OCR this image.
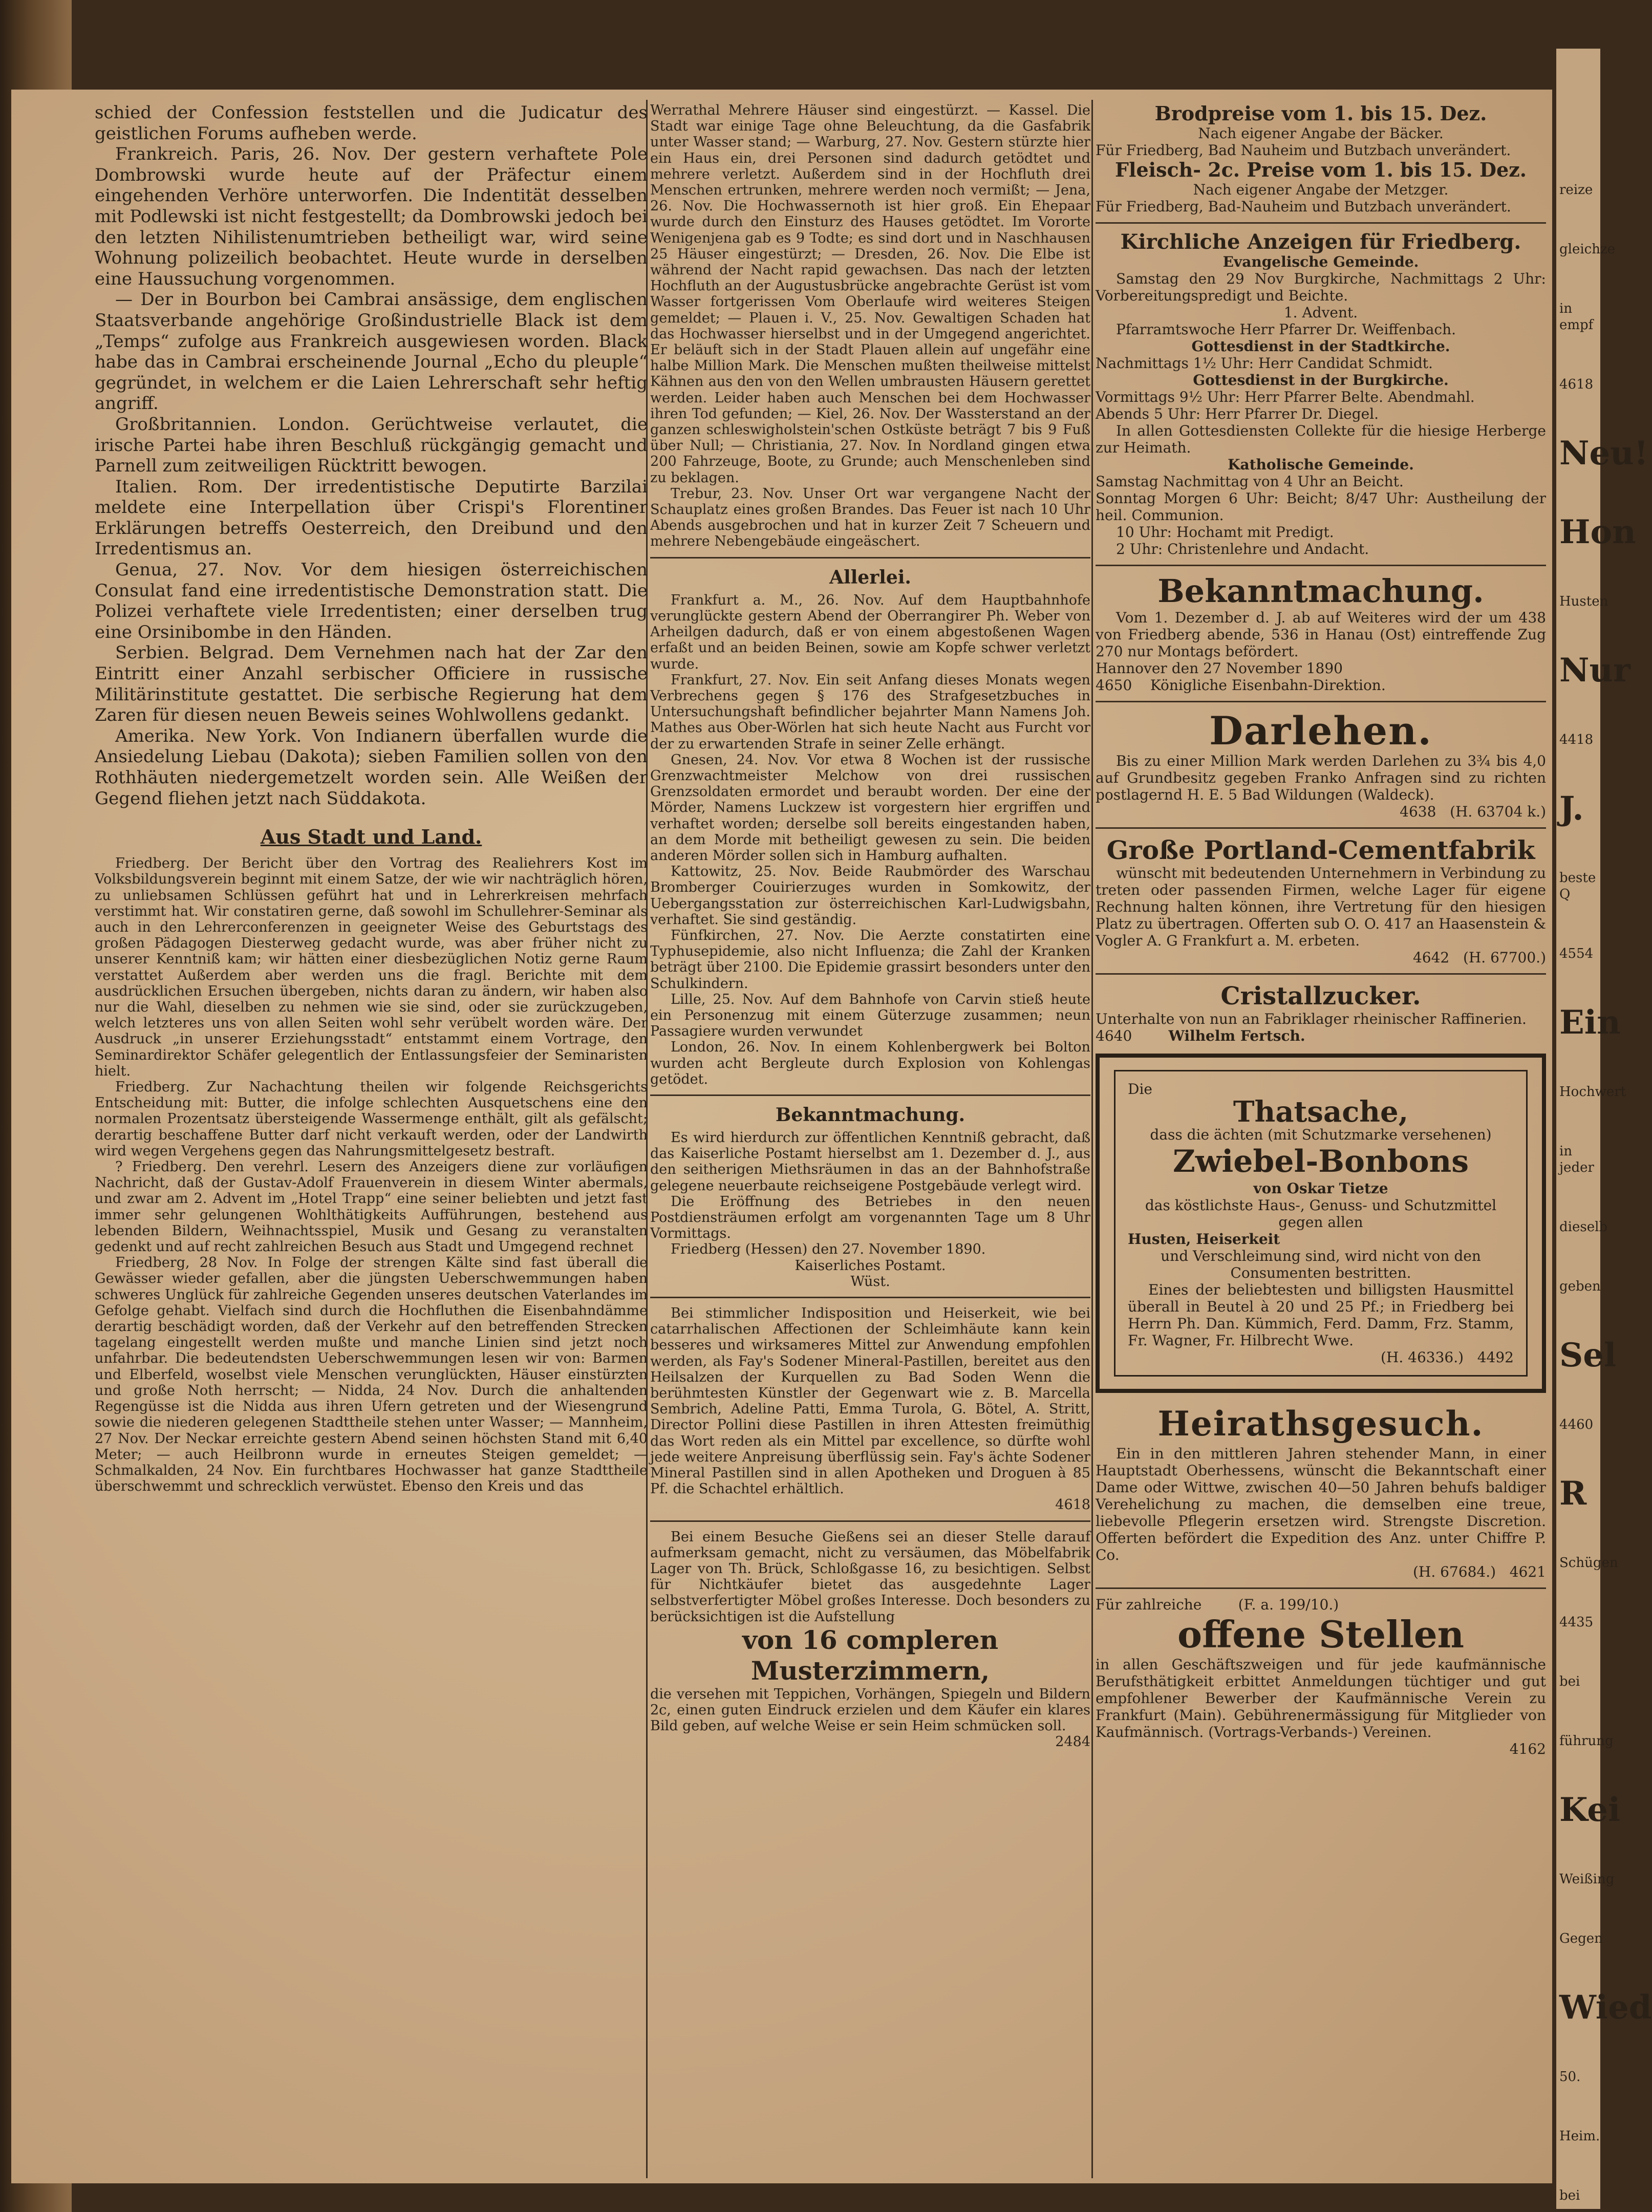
schied der Confession feststellen und die Judicatur des geistlichen Forums aufheben werde.

Frankreich. Paris, 26. Nov. Der gestern verhaftete Pole Dombrowski wurde heute auf der Präfectur einem eingehenden Verhöre unterworfen. Die Indentität desselben mit Podlewski ist nicht festgestellt; da Dombrowski jedoch bei den letzten Nihilistenumtrieben betheiligt war, wird seine Wohnung polizeilich beobachtet. Heute wurde in derselben eine Haussuchung vorgenommen.

— Der in Bourbon bei Cambrai ansässige, dem englischen Staatsverbande angehörige Großindustrielle Black ist dem „Temps“ zufolge aus Frankreich ausgewiesen worden. Black habe das in Cambrai erscheinende Journal „Echo du pleuple“ gegründet, in welchem er die Laien Lehrerschaft sehr heftig angriff.

Großbritannien. London. Gerüchtweise verlautet, die irische Partei habe ihren Beschluß rückgängig gemacht und Parnell zum zeitweiligen Rücktritt bewogen.

Italien. Rom. Der irredentistische Deputirte Barzilai meldete eine Interpellation über Crispi's Florentiner Erklärungen betreffs Oesterreich, den Dreibund und den Irredentismus an.

Genua, 27. Nov. Vor dem hiesigen österreichischen Consulat fand eine irredentistische Demonstration statt. Die Polizei verhaftete viele Irredentisten; einer derselben trug eine Orsinibombe in den Händen.

Serbien. Belgrad. Dem Vernehmen nach hat der Zar den Eintritt einer Anzahl serbischer Officiere in russische Militärinstitute gestattet. Die serbische Regierung hat dem Zaren für diesen neuen Beweis seines Wohlwollens gedankt.

Amerika. New York. Von Indianern überfallen wurde die Ansiedelung Liebau (Dakota); sieben Familien sollen von den Rothhäuten niedergemetzelt worden sein. Alle Weißen der Gegend fliehen jetzt nach Süddakota.

Aus Stadt und Land.

Friedberg. Der Bericht über den Vortrag des Realiehrers Kost im Volksbildungsverein beginnt mit einem Satze, der wie wir nachträglich hören, zu unliebsamen Schlüssen geführt hat und in Lehrerkreisen mehrfach verstimmt hat. Wir constatiren gerne, daß sowohl im Schullehrer-Seminar als auch in den Lehrerconferenzen in geeigneter Weise des Geburtstags des großen Pädagogen Diesterweg gedacht wurde, was aber früher nicht zu unserer Kenntniß kam; wir hätten einer diesbezüglichen Notiz gerne Raum verstattet Außerdem aber werden uns die fragl. Berichte mit dem ausdrücklichen Ersuchen übergeben, nichts daran zu ändern, wir haben also nur die Wahl, dieselben zu nehmen wie sie sind, oder sie zurückzugeben, welch letzteres uns von allen Seiten wohl sehr verübelt worden wäre. Der Ausdruck „in unserer Erziehungsstadt“ entstammt einem Vortrage, den Seminardirektor Schäfer gelegentlich der Entlassungsfeier der Seminaristen hielt.

Friedberg. Zur Nachachtung theilen wir folgende Reichsgerichts Entscheidung mit: Butter, die infolge schlechten Ausquetschens eine den normalen Prozentsatz übersteigende Wassermenge enthält, gilt als gefälscht; derartig beschaffene Butter darf nicht verkauft werden, oder der Landwirth wird wegen Vergehens gegen das Nahrungsmittelgesetz bestraft.

? Friedberg. Den verehrl. Lesern des Anzeigers diene zur vorläufigen Nachricht, daß der Gustav-Adolf Frauenverein in diesem Winter abermals, und zwar am 2. Advent im „Hotel Trapp“ eine seiner beliebten und jetzt fast immer sehr gelungenen Wohlthätigkeits Aufführungen, bestehend aus lebenden Bildern, Weihnachtsspiel, Musik und Gesang zu veranstalten gedenkt und auf recht zahlreichen Besuch aus Stadt und Umgegend rechnet

Friedberg, 28 Nov. In Folge der strengen Kälte sind fast überall die Gewässer wieder gefallen, aber die jüngsten Ueberschwemmungen haben schweres Unglück für zahlreiche Gegenden unseres deutschen Vaterlandes im Gefolge gehabt. Vielfach sind durch die Hochfluthen die Eisenbahndämme derartig beschädigt worden, daß der Verkehr auf den betreffenden Strecken tagelang eingestellt werden mußte und manche Linien sind jetzt noch unfahrbar. Die bedeutendsten Ueberschwemmungen lesen wir von: Barmen und Elberfeld, woselbst viele Menschen verunglückten, Häuser einstürzten und große Noth herrscht; — Nidda, 24 Nov. Durch die anhaltenden Regengüsse ist die Nidda aus ihren Ufern getreten und der Wiesengrund sowie die niederen gelegenen Stadttheile stehen unter Wasser; — Mannheim, 27 Nov. Der Neckar erreichte gestern Abend seinen höchsten Stand mit 6,40 Meter; — auch Heilbronn wurde in erneutes Steigen gemeldet; — Schmalkalden, 24 Nov. Ein furchtbares Hochwasser hat ganze Stadttheile überschwemmt und schrecklich verwüstet. Ebenso den Kreis und das

Werrathal Mehrere Häuser sind eingestürzt. — Kassel. Die Stadt war einige Tage ohne Beleuchtung, da die Gasfabrik unter Wasser stand; — Warburg, 27. Nov. Gestern stürzte hier ein Haus ein, drei Personen sind dadurch getödtet und mehrere verletzt. Außerdem sind in der Hochfluth drei Menschen ertrunken, mehrere werden noch vermißt; — Jena, 26. Nov. Die Hochwassernoth ist hier groß. Ein Ehepaar wurde durch den Einsturz des Hauses getödtet. Im Vororte Wenigenjena gab es 9 Todte; es sind dort und in Naschhausen 25 Häuser eingestürzt; — Dresden, 26. Nov. Die Elbe ist während der Nacht rapid gewachsen. Das nach der letzten Hochfluth an der Augustusbrücke angebrachte Gerüst ist vom Wasser fortgerissen Vom Oberlaufe wird weiteres Steigen gemeldet; — Plauen i. V., 25. Nov. Gewaltigen Schaden hat das Hochwasser hierselbst und in der Umgegend angerichtet. Er beläuft sich in der Stadt Plauen allein auf ungefähr eine halbe Million Mark. Die Menschen mußten theilweise mittelst Kähnen aus den von den Wellen umbrausten Häusern gerettet werden. Leider haben auch Menschen bei dem Hochwasser ihren Tod gefunden; — Kiel, 26. Nov. Der Wassterstand an der ganzen schleswigholstein'schen Ostküste beträgt 7 bis 9 Fuß über Null; — Christiania, 27. Nov. In Nordland gingen etwa 200 Fahrzeuge, Boote, zu Grunde; auch Menschenleben sind zu beklagen.

Trebur, 23. Nov. Unser Ort war vergangene Nacht der Schauplatz eines großen Brandes. Das Feuer ist nach 10 Uhr Abends ausgebrochen und hat in kurzer Zeit 7 Scheuern und mehrere Nebengebäude eingeäschert.

Allerlei.

Frankfurt a. M., 26. Nov. Auf dem Hauptbahnhofe verunglückte gestern Abend der Oberrangirer Ph. Weber von Arheilgen dadurch, daß er von einem abgestoßenen Wagen erfaßt und an beiden Beinen, sowie am Kopfe schwer verletzt wurde.

Frankfurt, 27. Nov. Ein seit Anfang dieses Monats wegen Verbrechens gegen § 176 des Strafgesetzbuches in Untersuchungshaft befindlicher bejahrter Mann Namens Joh. Mathes aus Ober-Wörlen hat sich heute Nacht aus Furcht vor der zu erwartenden Strafe in seiner Zelle erhängt.

Gnesen, 24. Nov. Vor etwa 8 Wochen ist der russische Grenzwachtmeister Melchow von drei russischen Grenzsoldaten ermordet und beraubt worden. Der eine der Mörder, Namens Luckzew ist vorgestern hier ergriffen und verhaftet worden; derselbe soll bereits eingestanden haben, an dem Morde mit betheiligt gewesen zu sein. Die beiden anderen Mörder sollen sich in Hamburg aufhalten.

Kattowitz, 25. Nov. Beide Raubmörder des Warschau Bromberger Couirierzuges wurden in Somkowitz, der Uebergangsstation zur österreichischen Karl-Ludwigsbahn, verhaftet. Sie sind geständig.

Fünfkirchen, 27. Nov. Die Aerzte constatirten eine Typhusepidemie, also nicht Influenza; die Zahl der Kranken beträgt über 2100. Die Epidemie grassirt besonders unter den Schulkindern.

Lille, 25. Nov. Auf dem Bahnhofe von Carvin stieß heute ein Personenzug mit einem Güterzuge zusammen; neun Passagiere wurden verwundet

London, 26. Nov. In einem Kohlenbergwerk bei Bolton wurden acht Bergleute durch Explosion von Kohlengas getödet.

Bekanntmachung.

Es wird hierdurch zur öffentlichen Kenntniß gebracht, daß das Kaiserliche Postamt hierselbst am 1. Dezember d. J., aus den seitherigen Miethsräumen in das an der Bahnhofstraße gelegene neuerbaute reichseigene Postgebäude verlegt wird.

Die Eröffnung des Betriebes in den neuen Postdiensträumen erfolgt am vorgenannten Tage um 8 Uhr Vormittags.

Friedberg (Hessen) den 27. November 1890.

Kaiserliches Postamt.

Wüst.

Bei stimmlicher Indisposition und Heiserkeit, wie bei catarrhalischen Affectionen der Schleimhäute kann kein besseres und wirksameres Mittel zur Anwendung empfohlen werden, als Fay's Sodener Mineral-Pastillen, bereitet aus den Heilsalzen der Kurquellen zu Bad Soden Wenn die berühmtesten Künstler der Gegenwart wie z. B. Marcella Sembrich, Adeline Patti, Emma Turola, G. Bötel, A. Stritt, Director Pollini diese Pastillen in ihren Attesten freimüthig das Wort reden als ein Mittel par excellence, so dürfte wohl jede weitere Anpreisung überflüssig sein. Fay's ächte Sodener Mineral Pastillen sind in allen Apotheken und Droguen à 85 Pf. die Schachtel erhältlich.

4618

Bei einem Besuche Gießens sei an dieser Stelle darauf aufmerksam gemacht, nicht zu versäumen, das Möbelfabrik Lager von Th. Brück, Schloßgasse 16, zu besichtigen. Selbst für Nichtkäufer bietet das ausgedehnte Lager selbstverfertigter Möbel großes Interesse. Doch besonders zu berücksichtigen ist die Aufstellung

von 16 compleren Musterzimmern,

die versehen mit Teppichen, Vorhängen, Spiegeln und Bildern 2c, einen guten Eindruck erzielen und dem Käufer ein klares Bild geben, auf welche Weise er sein Heim schmücken soll.

2484

Brodpreise vom 1. bis 15. Dez.

Nach eigener Angabe der Bäcker.

Für Friedberg, Bad Nauheim und Butzbach unverändert.

Fleisch- 2c. Preise vom 1. bis 15. Dez.

Nach eigener Angabe der Metzger.

Für Friedberg, Bad-Nauheim und Butzbach unverändert.

Kirchliche Anzeigen für Friedberg.

Evangelische Gemeinde.

Samstag den 29 Nov Burgkirche, Nachmittags 2 Uhr: Vorbereitungspredigt und Beichte.

1. Advent.

Pfarramtswoche Herr Pfarrer Dr. Weiffenbach.

Gottesdienst in der Stadtkirche.

Nachmittags 1½ Uhr: Herr Candidat Schmidt.

Gottesdienst in der Burgkirche.

Vormittags 9½ Uhr: Herr Pfarrer Belte. Abendmahl.

Abends 5 Uhr: Herr Pfarrer Dr. Diegel.

In allen Gottesdiensten Collekte für die hiesige Herberge zur Heimath.

Katholische Gemeinde.

Samstag Nachmittag von 4 Uhr an Beicht.

Sonntag Morgen 6 Uhr: Beicht; 8/47 Uhr: Austheilung der heil. Communion.

10 Uhr: Hochamt mit Predigt.

2 Uhr: Christenlehre und Andacht.

Bekanntmachung.

Vom 1. Dezember d. J. ab auf Weiteres wird der um 438 von Friedberg abende, 536 in Hanau (Ost) eintreffende Zug 270 nur Montags befördert.

Hannover den 27 November 1890

4650 Königliche Eisenbahn-Direktion.

Darlehen.

Bis zu einer Million Mark werden Darlehen zu 3¾ bis 4,0 auf Grundbesitz gegeben Franko Anfragen sind zu richten postlagernd H. E. 5 Bad Wildungen (Waldeck).

4638 (H. 63704 k.)

Große Portland-Cementfabrik

wünscht mit bedeutenden Unternehmern in Verbindung zu treten oder passenden Firmen, welche Lager für eigene Rechnung halten können, ihre Vertretung für den hiesigen Platz zu übertragen. Offerten sub O. O. 417 an Haasenstein & Vogler A. G Frankfurt a. M. erbeten.

4642 (H. 67700.)

Cristallzucker.

Unterhalte von nun an Fabriklager rheinischer Raffinerien.

4640	Wilhelm Fertsch.

Die

Thatsache,

dass die ächten (mit Schutzmarke versehenen)

Zwiebel-Bonbons

von Oskar Tietze

das köstlichste Haus-, Genuss- und Schutzmittel gegen allen

Husten, Heiserkeit

und Verschleimung sind, wird nicht von den Consumenten bestritten.

Eines der beliebtesten und billigsten Hausmittel überall in Beutel à 20 und 25 Pf.; in Friedberg bei Herrn Ph. Dan. Kümmich, Ferd. Damm, Frz. Stamm, Fr. Wagner, Fr. Hilbrecht Wwe.

(H. 46336.) 4492

Heirathsgesuch.

Ein in den mittleren Jahren stehender Mann, in einer Hauptstadt Oberhessens, wünscht die Bekanntschaft einer Dame oder Wittwe, zwischen 40—50 Jahren behufs baldiger Verehelichung zu machen, die demselben eine treue, liebevolle Pflegerin ersetzen wird. Strengste Discretion. Offerten befördert die Expedition des Anz. unter Chiffre P. Co.

(H. 67684.) 4621

Für zahlreiche	(F. a. 199/10.)

offene Stellen

in allen Geschäftszweigen und für jede kaufmännische Berufsthätigkeit erbittet Anmeldungen tüchtiger und gut empfohlener Bewerber der Kaufmännische Verein zu Frankfurt (Main). Gebührenermässigung für Mitglieder von Kaufmännisch. (Vortrags-Verbands-) Vereinen.

4162

reize
gleichze
in empf
4618
Neu!
Hon
Husten
Nur
4418
J.
beste Q
4554
Ein
Hochwert
in jeder
dieselb
geben
Sel
4460
R
Schügen
4435
bei
führung
Kei
Weißing
Gegen
Wied
50.
Heim.
bei
